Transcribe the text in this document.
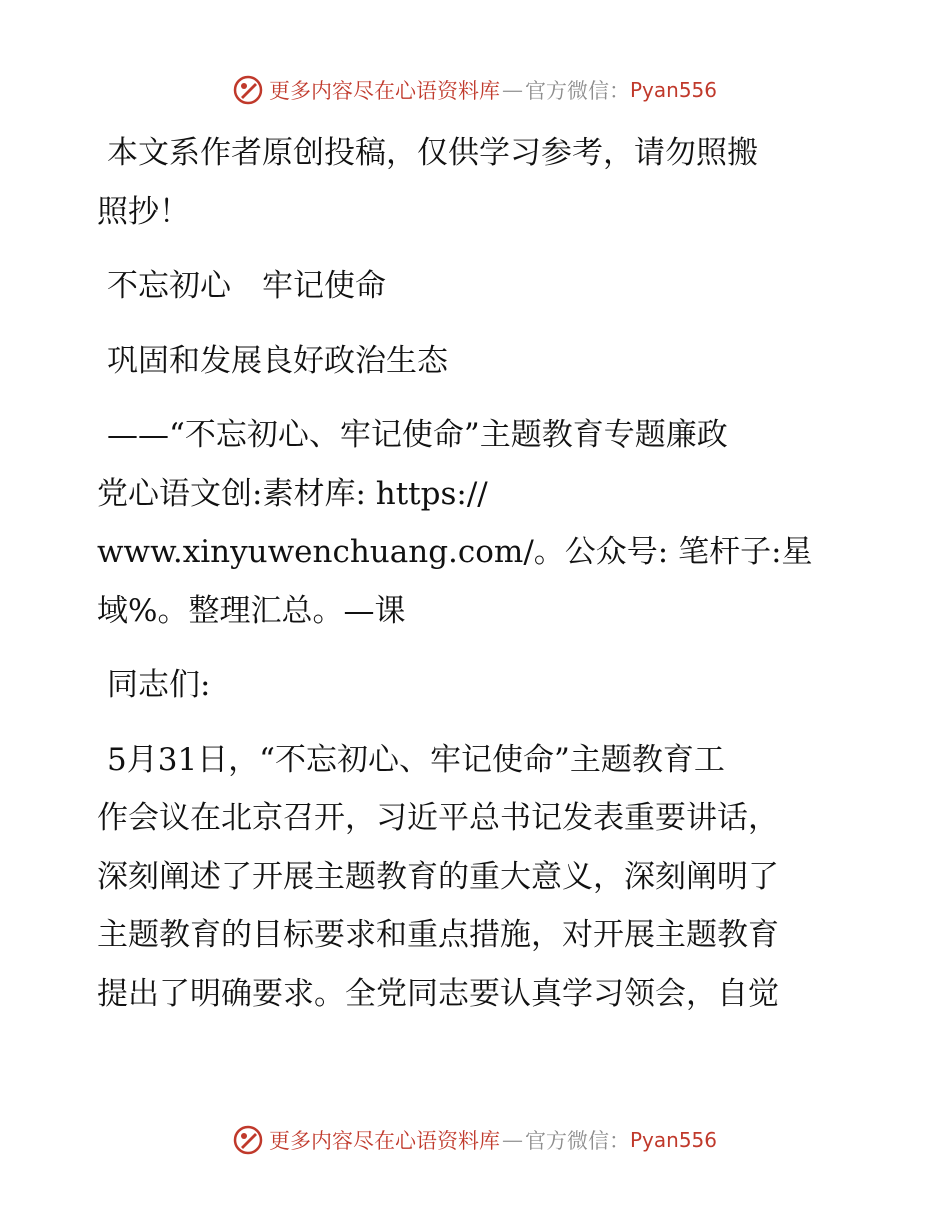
更多内容尽在心语资料库 — 官方微信： Pyan556
本文系作者原创投稿，仅供学习参考，请勿照搬
照抄！
不忘初心　牢记使命
巩固和发展良好政治生态
——“不忘初心、牢记使命”主题教育专题廉政
党心语文创:素材库: https://
www.xinyuwenchuang.com/。公众号: 笔杆子:星
域%。整理汇总。—课
同志们:
5月31日，“不忘初心、牢记使命”主题教育工
作会议在北京召开，习近平总书记发表重要讲话，
深刻阐述了开展主题教育的重大意义，深刻阐明了
主题教育的目标要求和重点措施，对开展主题教育
提出了明确要求。全党同志要认真学习领会，自觉
更多内容尽在心语资料库 — 官方微信： Pyan556
